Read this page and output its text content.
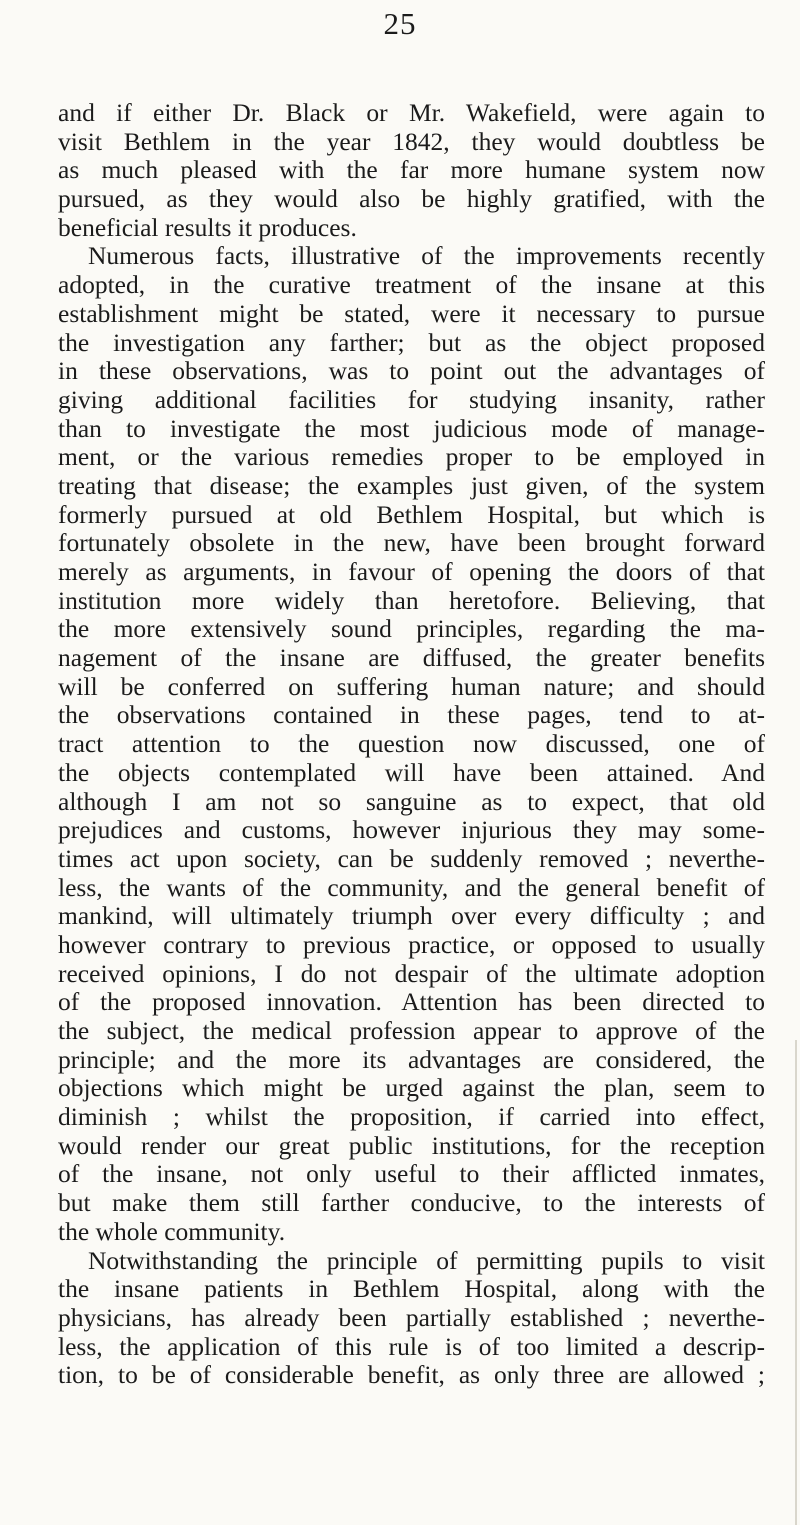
25
and if either Dr. Black or Mr. Wakefield, were again to
visit Bethlem in the year 1842, they would doubtless be
as much pleased with the far more humane system now
pursued, as they would also be highly gratified, with the
beneficial results it produces.
Numerous facts, illustrative of the improvements recently
adopted, in the curative treatment of the insane at this
establishment might be stated, were it necessary to pursue
the investigation any farther; but as the object proposed
in these observations, was to point out the advantages of
giving additional facilities for studying insanity, rather
than to investigate the most judicious mode of manage-
ment, or the various remedies proper to be employed in
treating that disease; the examples just given, of the system
formerly pursued at old Bethlem Hospital, but which is
fortunately obsolete in the new, have been brought forward
merely as arguments, in favour of opening the doors of that
institution more widely than heretofore. Believing, that
the more extensively sound principles, regarding the ma-
nagement of the insane are diffused, the greater benefits
will be conferred on suffering human nature; and should
the observations contained in these pages, tend to at-
tract attention to the question now discussed, one of
the objects contemplated will have been attained. And
although I am not so sanguine as to expect, that old
prejudices and customs, however injurious they may some-
times act upon society, can be suddenly removed ; neverthe-
less, the wants of the community, and the general benefit of
mankind, will ultimately triumph over every difficulty ; and
however contrary to previous practice, or opposed to usually
received opinions, I do not despair of the ultimate adoption
of the proposed innovation. Attention has been directed to
the subject, the medical profession appear to approve of the
principle; and the more its advantages are considered, the
objections which might be urged against the plan, seem to
diminish ; whilst the proposition, if carried into effect,
would render our great public institutions, for the reception
of the insane, not only useful to their afflicted inmates,
but make them still farther conducive, to the interests of
the whole community.
Notwithstanding the principle of permitting pupils to visit
the insane patients in Bethlem Hospital, along with the
physicians, has already been partially established ; neverthe-
less, the application of this rule is of too limited a descrip-
tion, to be of considerable benefit, as only three are allowed ;
